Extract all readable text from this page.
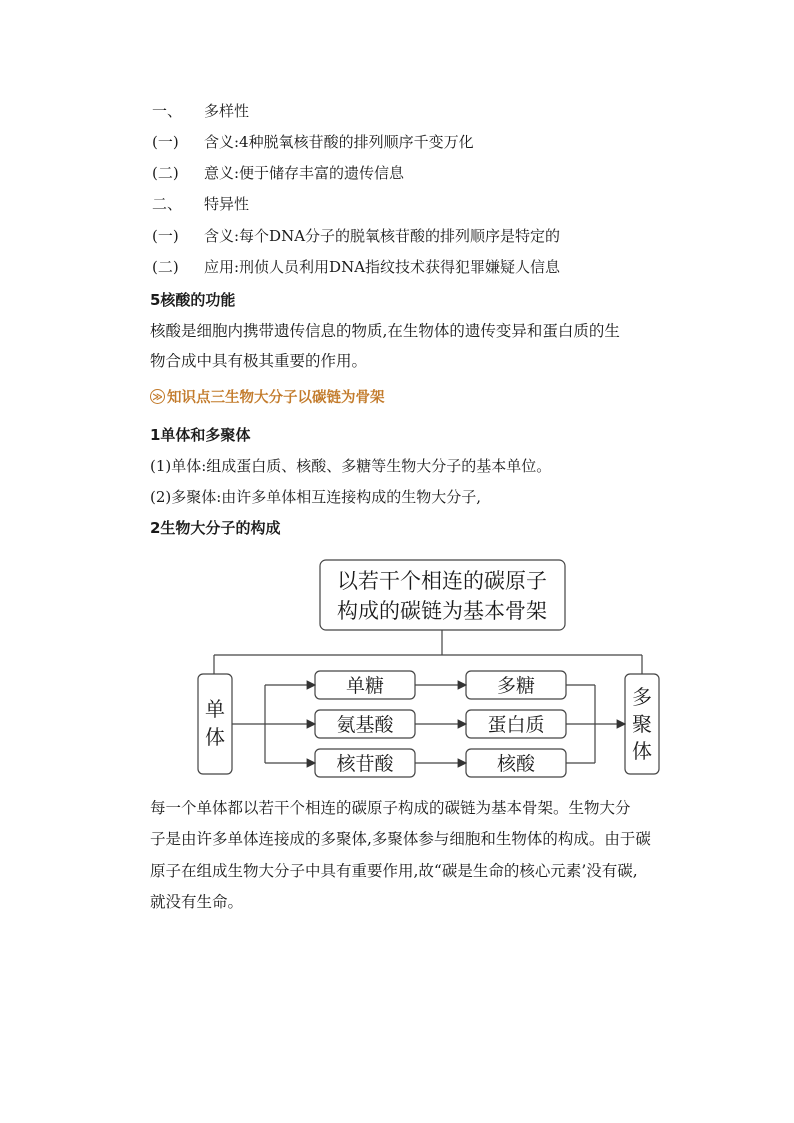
一、 多样性
(一) 含义:4种脱氧核苷酸的排列顺序千变万化
(二) 意义:便于储存丰富的遗传信息
二、 特异性
(一) 含义:每个DNA分子的脱氧核苷酸的排列顺序是特定的
(二) 应用:刑侦人员利用DNA指纹技术获得犯罪嫌疑人信息
5核酸的功能
核酸是细胞内携带遗传信息的物质,在生物体的遗传变异和蛋白质的生
物合成中具有极其重要的作用。
≫ 知识点三生物大分子以碳链为骨架
1单体和多聚体
(1)单体:组成蛋白质、核酸、多糖等生物大分子的基本单位。
(2)多聚体:由许多单体相互连接构成的生物大分子,
2生物大分子的构成
以若干个相连的碳原子
构成的碳链为基本骨架
单
体
多
聚
体
单糖
氨基酸
核苷酸
多糖
蛋白质
核酸
每一个单体都以若干个相连的碳原子构成的碳链为基本骨架。生物大分
子是由许多单体连接成的多聚体,多聚体参与细胞和生物体的构成。由于碳
原子在组成生物大分子中具有重要作用,故“碳是生命的核心元素’没有碳,
就没有生命。
